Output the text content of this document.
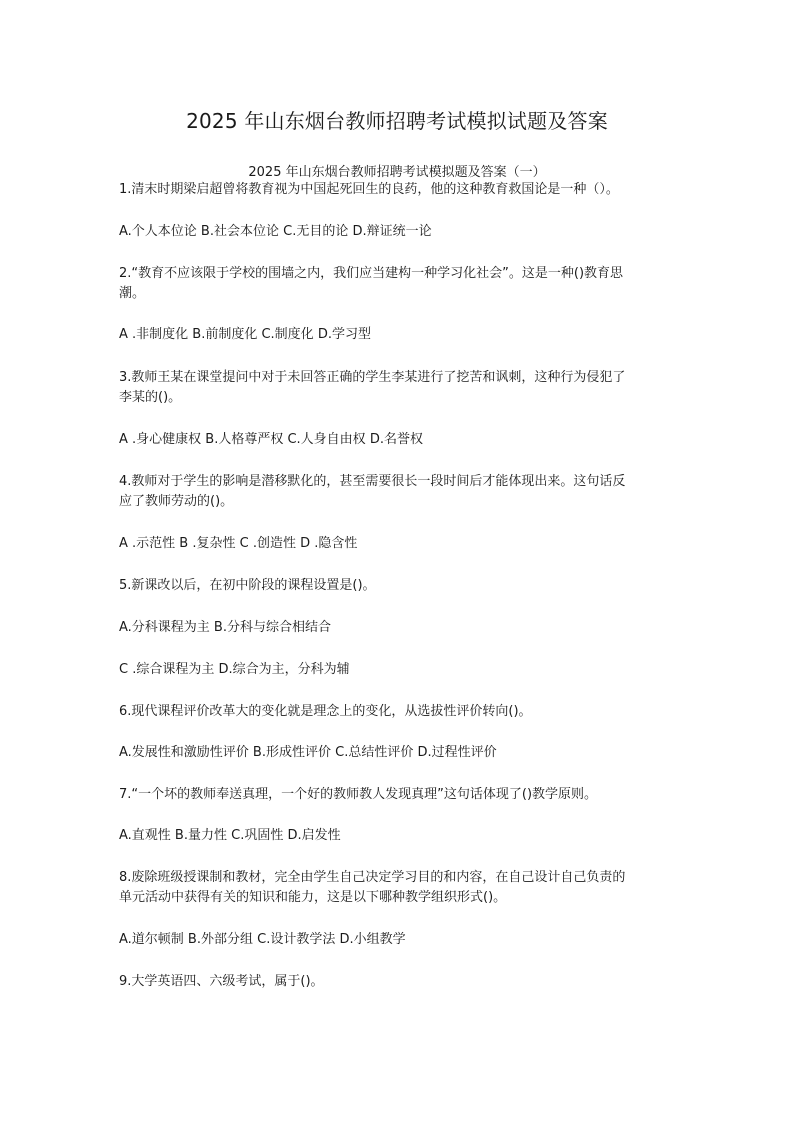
2025 年山东烟台教师招聘考试模拟试题及答案
2025 年山东烟台教师招聘考试模拟题及答案（一）
1.清末时期梁启超曾将教育视为中国起死回生的良药，他的这种教育救国论是一种（）。
A.个人本位论 B.社会本位论 C.无目的论 D.辩证统一论
2.“教育不应该限于学校的围墙之内，我们应当建构一种学习化社会”。这是一种()教育思
潮。
A .非制度化 B.前制度化 C.制度化 D.学习型
3.教师王某在课堂提问中对于未回答正确的学生李某进行了挖苦和讽刺，这种行为侵犯了
李某的()。
A .身心健康权 B.人格尊严权 C.人身自由权 D.名誉权
4.教师对于学生的影响是潜移默化的，甚至需要很长一段时间后才能体现出来。这句话反
应了教师劳动的()。
A .示范性 B .复杂性 C .创造性 D .隐含性
5.新课改以后，在初中阶段的课程设置是()。
A.分科课程为主 B.分科与综合相结合
C .综合课程为主 D.综合为主，分科为辅
6.现代课程评价改革大的变化就是理念上的变化，从选拔性评价转向()。
A.发展性和激励性评价 B.形成性评价 C.总结性评价 D.过程性评价
7.“一个坏的教师奉送真理，一个好的教师教人发现真理”这句话体现了()教学原则。
A.直观性 B.量力性 C.巩固性 D.启发性
8.废除班级授课制和教材，完全由学生自己决定学习目的和内容，在自己设计自己负责的
单元活动中获得有关的知识和能力，这是以下哪种教学组织形式()。
A.道尔顿制 B.外部分组 C.设计教学法 D.小组教学
9.大学英语四、六级考试，属于()。
